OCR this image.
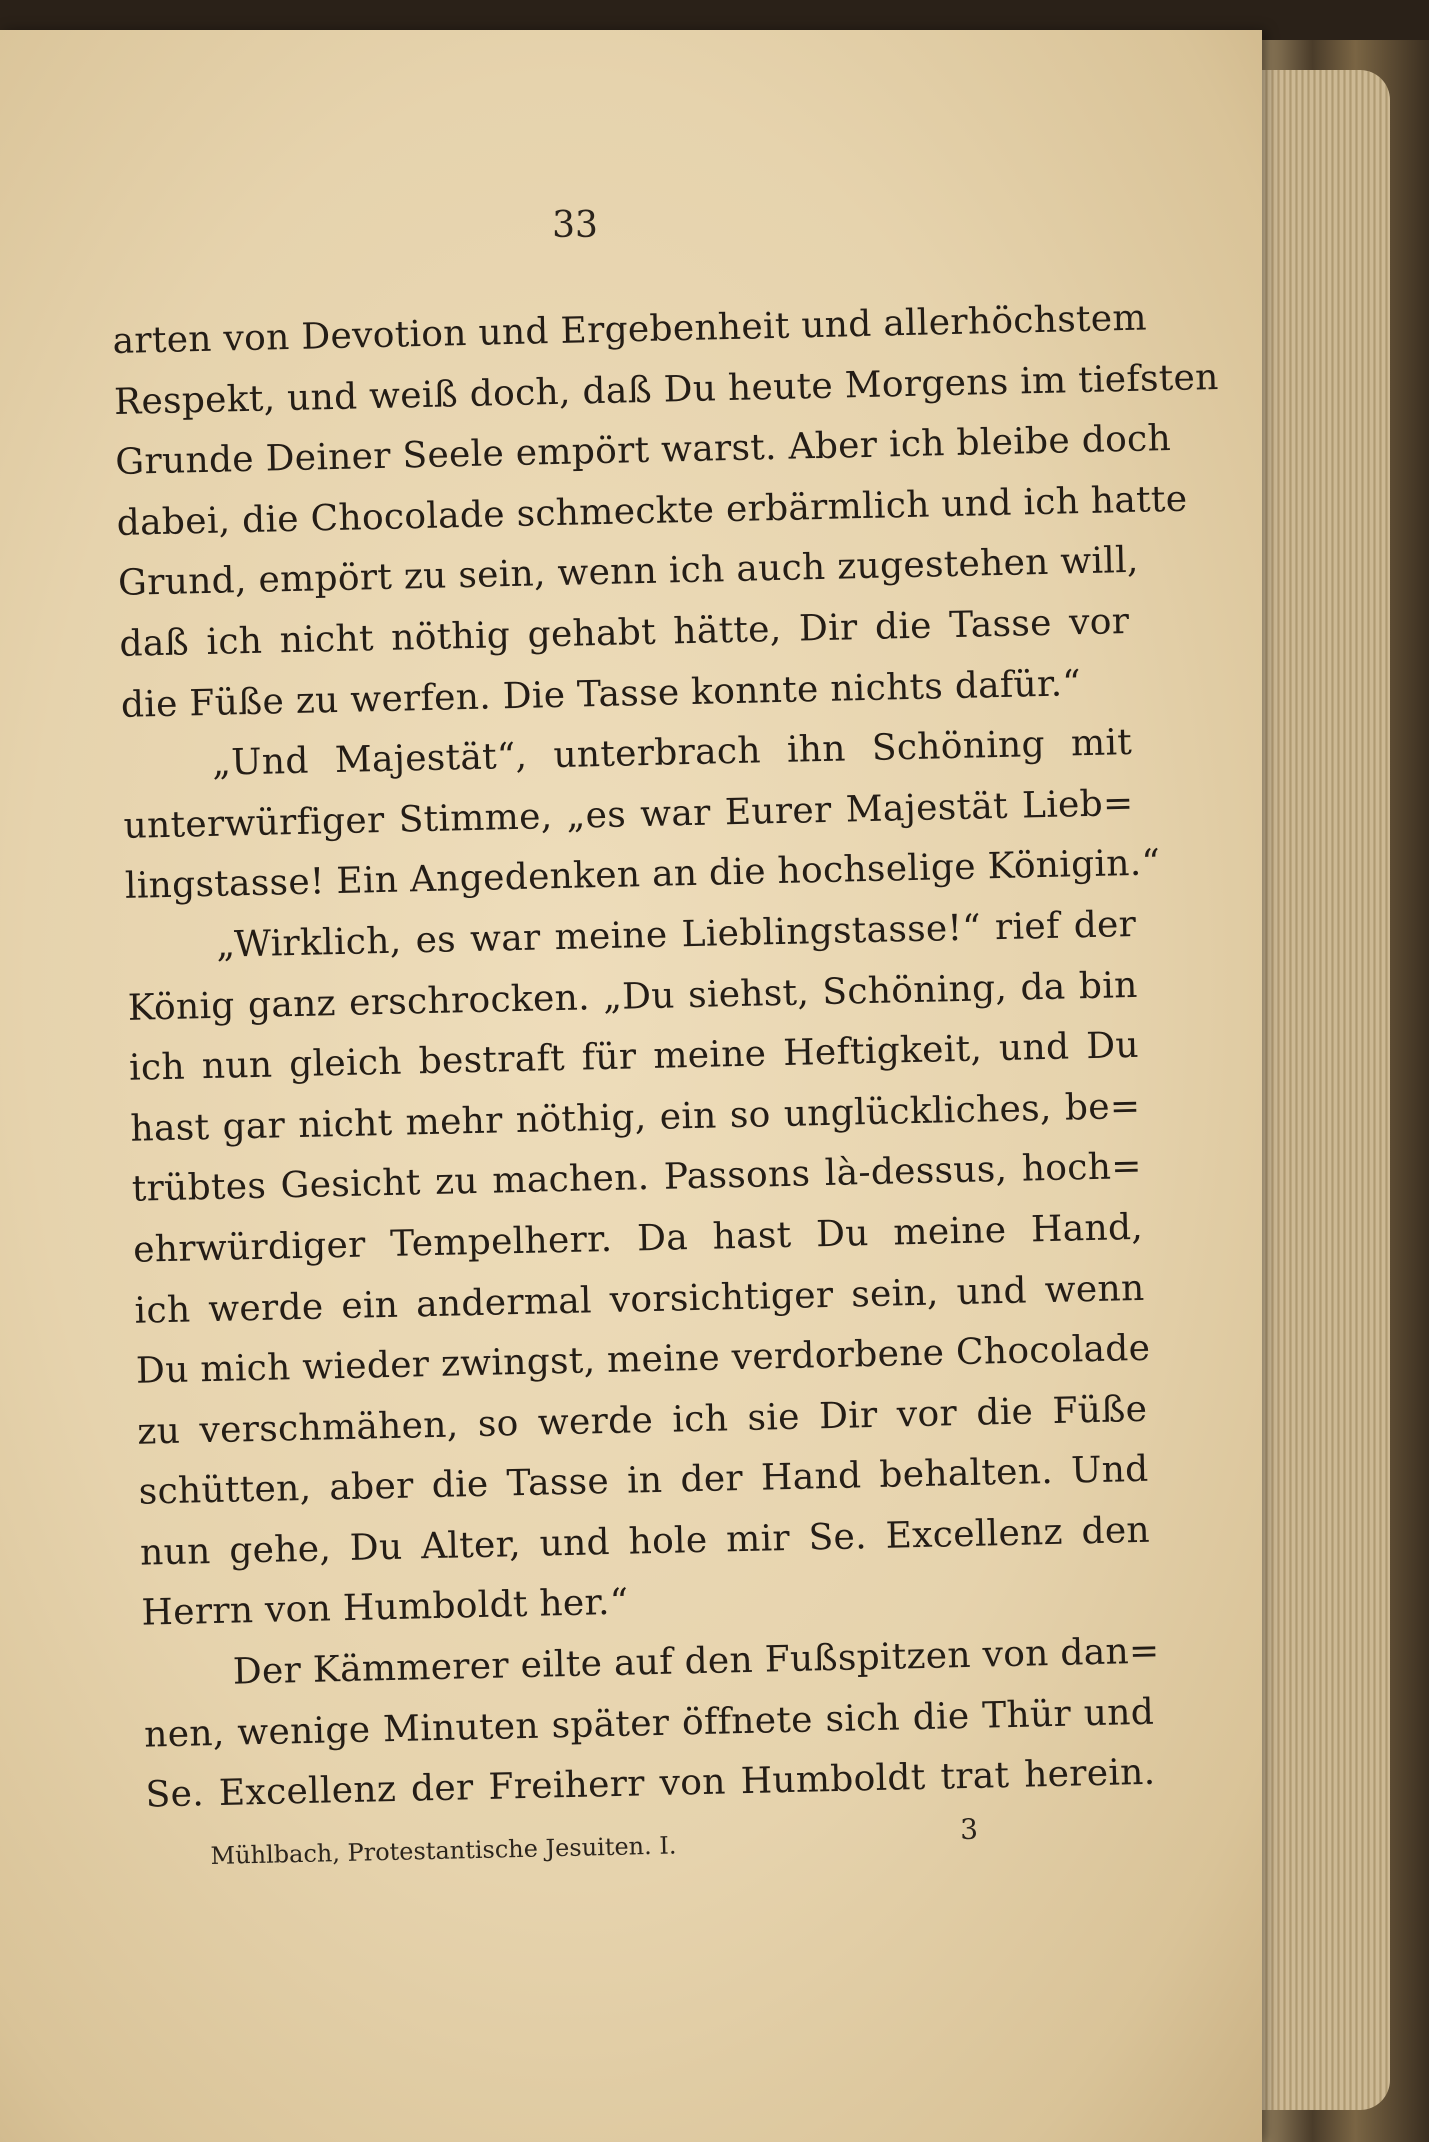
33
arten von Devotion und Ergebenheit und allerhöchstem
Respekt, und weiß doch, daß Du heute Morgens im tiefsten
Grunde Deiner Seele empört warst. Aber ich bleibe doch
dabei, die Chocolade schmeckte erbärmlich und ich hatte
Grund, empört zu sein, wenn ich auch zugestehen will,
daß ich nicht nöthig gehabt hätte, Dir die Tasse vor
die Füße zu werfen. Die Tasse konnte nichts dafür.“
„Und Majestät“, unterbrach ihn Schöning mit
unterwürfiger Stimme, „es war Eurer Majestät Lieb=
lingstasse! Ein Angedenken an die hochselige Königin.“
„Wirklich, es war meine Lieblingstasse!“ rief der
König ganz erschrocken. „Du siehst, Schöning, da bin
ich nun gleich bestraft für meine Heftigkeit, und Du
hast gar nicht mehr nöthig, ein so unglückliches, be=
trübtes Gesicht zu machen. Passons là-dessus, hoch=
ehrwürdiger Tempelherr. Da hast Du meine Hand,
ich werde ein andermal vorsichtiger sein, und wenn
Du mich wieder zwingst, meine verdorbene Chocolade
zu verschmähen, so werde ich sie Dir vor die Füße
schütten, aber die Tasse in der Hand behalten. Und
nun gehe, Du Alter, und hole mir Se. Excellenz den
Herrn von Humboldt her.“
Der Kämmerer eilte auf den Fußspitzen von dan=
nen, wenige Minuten später öffnete sich die Thür und
Se. Excellenz der Freiherr von Humboldt trat herein.
Mühlbach, Protestantische Jesuiten. I.
3
